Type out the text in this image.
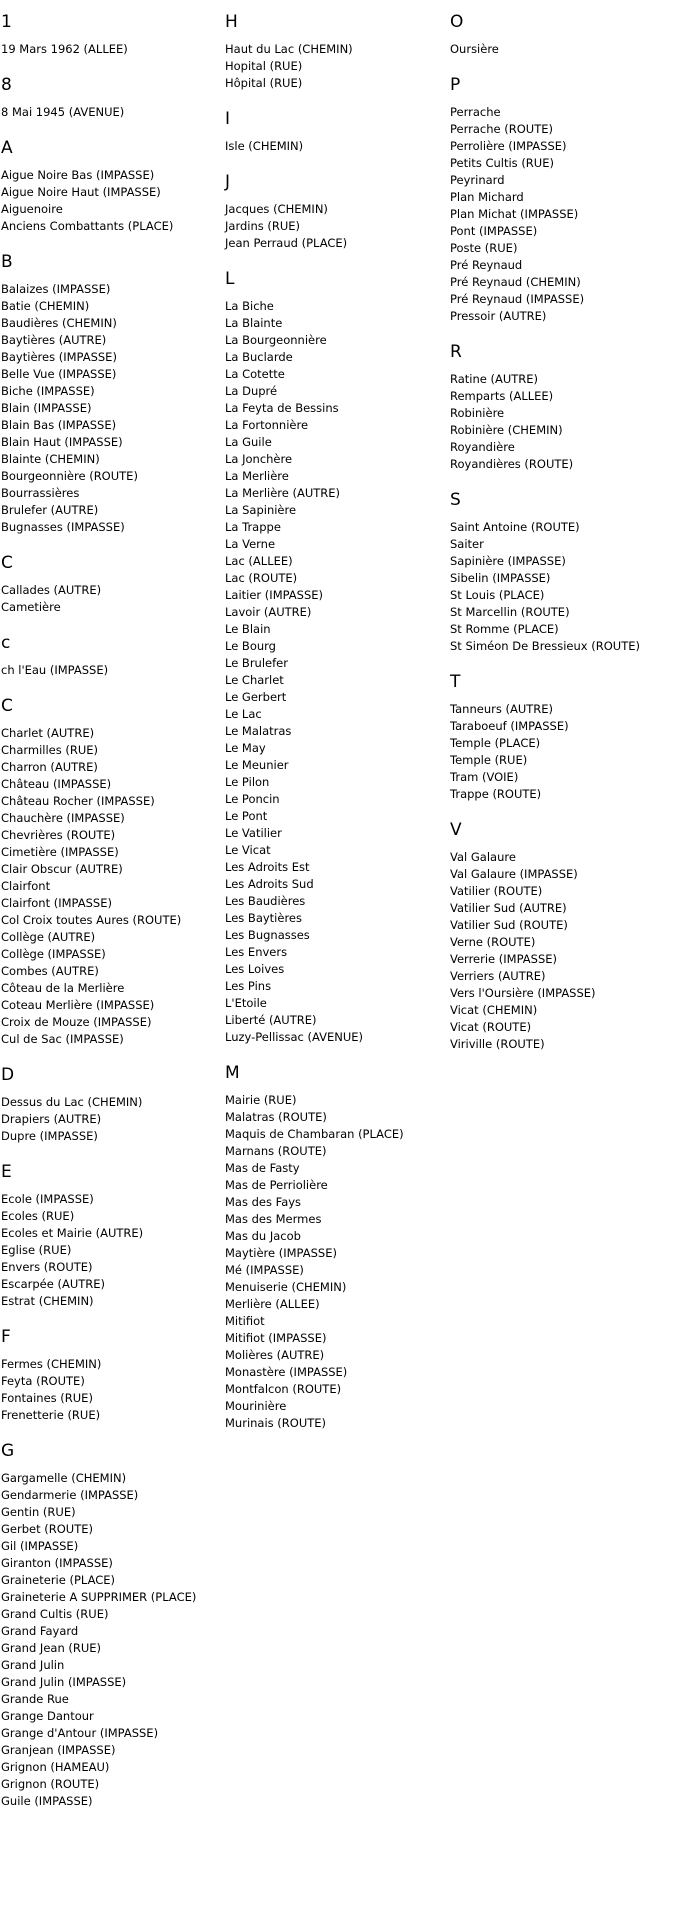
1
19 Mars 1962 (ALLEE)
8
8 Mai 1945 (AVENUE)
A
Aigue Noire Bas (IMPASSE)
Aigue Noire Haut (IMPASSE)
Aiguenoire
Anciens Combattants (PLACE)
B
Balaizes (IMPASSE)
Batie (CHEMIN)
Baudières (CHEMIN)
Baytières (AUTRE)
Baytières (IMPASSE)
Belle Vue (IMPASSE)
Biche (IMPASSE)
Blain (IMPASSE)
Blain Bas (IMPASSE)
Blain Haut (IMPASSE)
Blainte (CHEMIN)
Bourgeonnière (ROUTE)
Bourrassières
Brulefer (AUTRE)
Bugnasses (IMPASSE)
C
Callades (AUTRE)
Cametière
c
ch l'Eau (IMPASSE)
C
Charlet (AUTRE)
Charmilles (RUE)
Charron (AUTRE)
Château (IMPASSE)
Château Rocher (IMPASSE)
Chauchère (IMPASSE)
Chevrières (ROUTE)
Cimetière (IMPASSE)
Clair Obscur (AUTRE)
Clairfont
Clairfont (IMPASSE)
Col Croix toutes Aures (ROUTE)
Collège (AUTRE)
Collège (IMPASSE)
Combes (AUTRE)
Côteau de la Merlière
Coteau Merlière (IMPASSE)
Croix de Mouze (IMPASSE)
Cul de Sac (IMPASSE)
D
Dessus du Lac (CHEMIN)
Drapiers (AUTRE)
Dupre (IMPASSE)
E
Ecole (IMPASSE)
Ecoles (RUE)
Ecoles et Mairie (AUTRE)
Eglise (RUE)
Envers (ROUTE)
Escarpée (AUTRE)
Estrat (CHEMIN)
F
Fermes (CHEMIN)
Feyta (ROUTE)
Fontaines (RUE)
Frenetterie (RUE)
G
Gargamelle (CHEMIN)
Gendarmerie (IMPASSE)
Gentin (RUE)
Gerbet (ROUTE)
Gil (IMPASSE)
Giranton (IMPASSE)
Graineterie (PLACE)
Graineterie A SUPPRIMER (PLACE)
Grand Cultis (RUE)
Grand Fayard
Grand Jean (RUE)
Grand Julin
Grand Julin (IMPASSE)
Grande Rue
Grange Dantour
Grange d'Antour (IMPASSE)
Granjean (IMPASSE)
Grignon (HAMEAU)
Grignon (ROUTE)
Guile (IMPASSE)
H
Haut du Lac (CHEMIN)
Hopital (RUE)
Hôpital (RUE)
I
Isle (CHEMIN)
J
Jacques (CHEMIN)
Jardins (RUE)
Jean Perraud (PLACE)
L
La Biche
La Blainte
La Bourgeonnière
La Buclarde
La Cotette
La Dupré
La Feyta de Bessins
La Fortonnière
La Guile
La Jonchère
La Merlière
La Merlière (AUTRE)
La Sapinière
La Trappe
La Verne
Lac (ALLEE)
Lac (ROUTE)
Laitier (IMPASSE)
Lavoir (AUTRE)
Le Blain
Le Bourg
Le Brulefer
Le Charlet
Le Gerbert
Le Lac
Le Malatras
Le May
Le Meunier
Le Pilon
Le Poncin
Le Pont
Le Vatilier
Le Vicat
Les Adroits Est
Les Adroits Sud
Les Baudières
Les Baytières
Les Bugnasses
Les Envers
Les Loives
Les Pins
L'Etoile
Liberté (AUTRE)
Luzy-Pellissac (AVENUE)
M
Mairie (RUE)
Malatras (ROUTE)
Maquis de Chambaran (PLACE)
Marnans (ROUTE)
Mas de Fasty
Mas de Perriolière
Mas des Fays
Mas des Mermes
Mas du Jacob
Maytière (IMPASSE)
Mé (IMPASSE)
Menuiserie (CHEMIN)
Merlière (ALLEE)
Mitifiot
Mitifiot (IMPASSE)
Molières (AUTRE)
Monastère (IMPASSE)
Montfalcon (ROUTE)
Mourinière
Murinais (ROUTE)
O
Oursière
P
Perrache
Perrache (ROUTE)
Perrolière (IMPASSE)
Petits Cultis (RUE)
Peyrinard
Plan Michard
Plan Michat (IMPASSE)
Pont (IMPASSE)
Poste (RUE)
Pré Reynaud
Pré Reynaud (CHEMIN)
Pré Reynaud (IMPASSE)
Pressoir (AUTRE)
R
Ratine (AUTRE)
Remparts (ALLEE)
Robinière
Robinière (CHEMIN)
Royandière
Royandières (ROUTE)
S
Saint Antoine (ROUTE)
Saiter
Sapinière (IMPASSE)
Sibelin (IMPASSE)
St Louis (PLACE)
St Marcellin (ROUTE)
St Romme (PLACE)
St Siméon De Bressieux (ROUTE)
T
Tanneurs (AUTRE)
Taraboeuf (IMPASSE)
Temple (PLACE)
Temple (RUE)
Tram (VOIE)
Trappe (ROUTE)
V
Val Galaure
Val Galaure (IMPASSE)
Vatilier (ROUTE)
Vatilier Sud (AUTRE)
Vatilier Sud (ROUTE)
Verne (ROUTE)
Verrerie (IMPASSE)
Verriers (AUTRE)
Vers l'Oursière (IMPASSE)
Vicat (CHEMIN)
Vicat (ROUTE)
Viriville (ROUTE)
